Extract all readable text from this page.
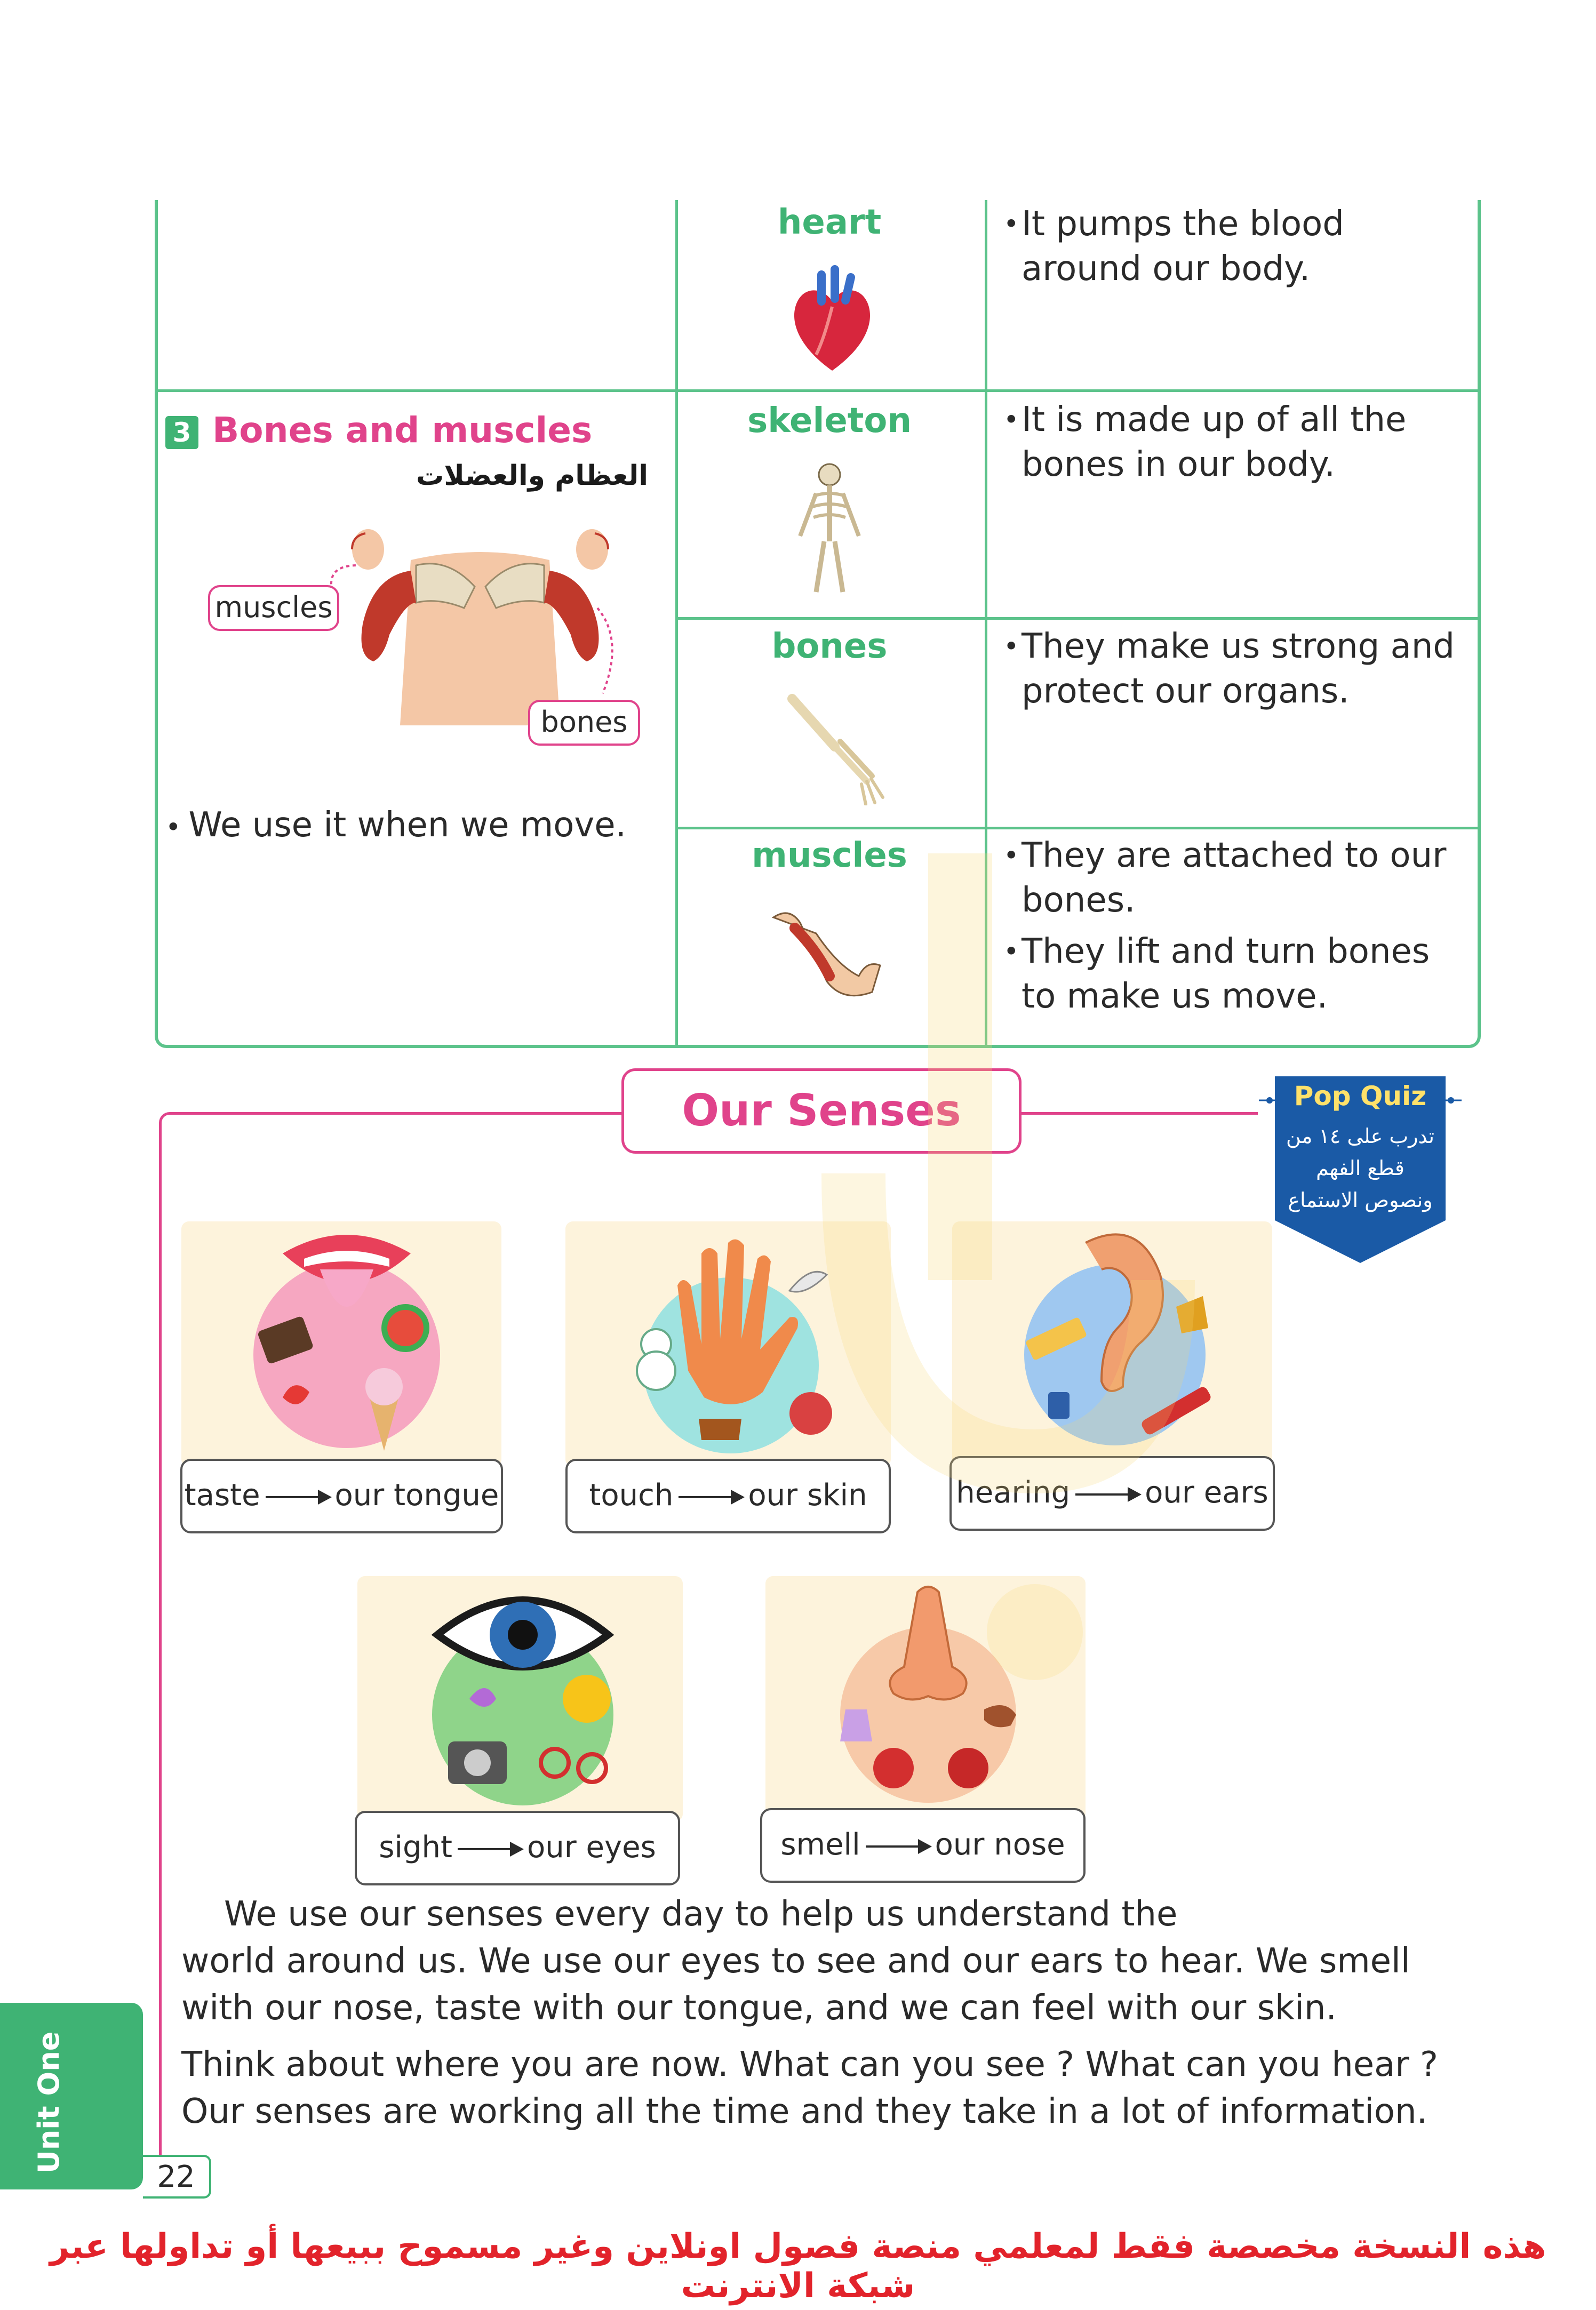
heart	• It pumps the blood around our body.
skeleton	• It is made up of all the bones in our body.
bones	• They make us strong and protect our organs.
muscles	• They are attached to our bones.
• They lift and turn bones to make us move.
3 Bones and muscles
العظام والعضلات
muscles
bones
• We use it when we move.
Our Senses	Pop Quiz
تدرب على ١٤ من
قطع الفهم
ونصوص الاستماع
taste	our tongue	touch	our skin	hearing	our ears
sight	our eyes	smell	our nose

We use our senses every day to help us understand the

world around us. We use our eyes to see and our ears to hear. We smell

with our nose, taste with our tongue, and we can feel with our skin.

Think about where you are now. What can you see ? What can you hear ?

Our senses are working all the time and they take in a lot of information.

Unit One
22
هذه النسخة مخصصة فقط لمعلمي منصة فصول اونلاين وغير مسموح ببيعها أو تداولها عبر شبكة الانترنت
